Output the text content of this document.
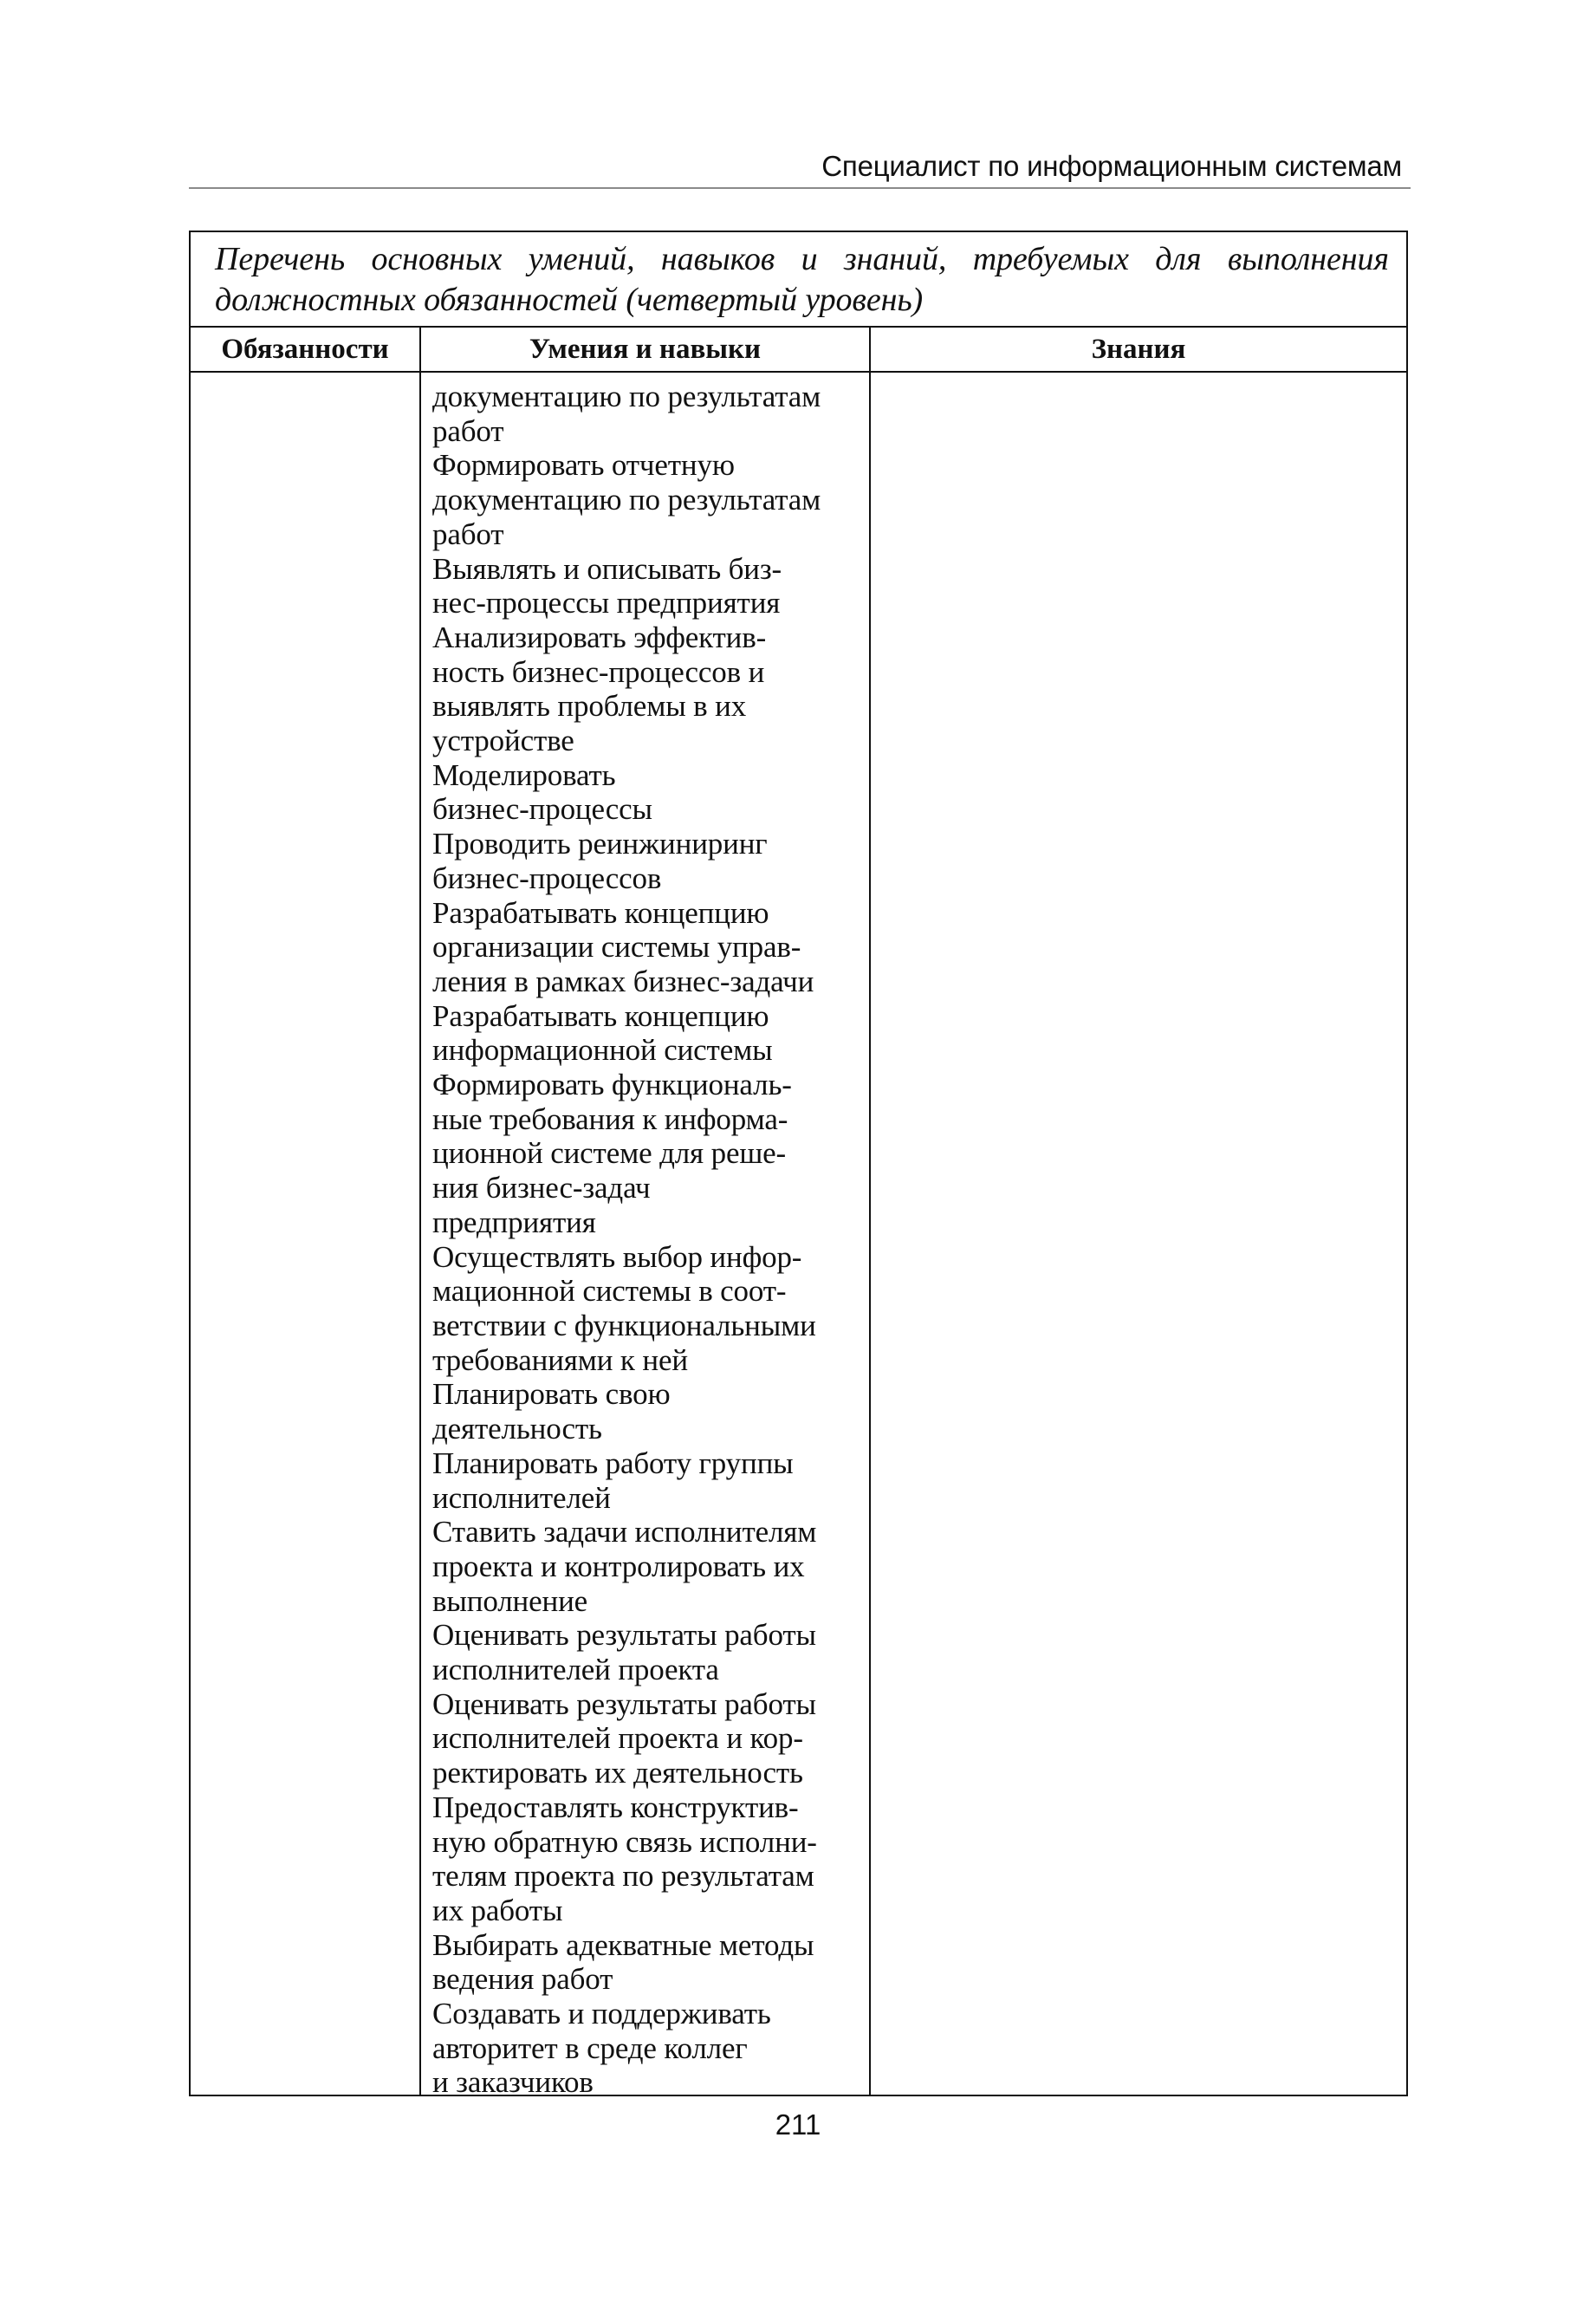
Специалист по информационным системам
Перечень основных умений, навыков и знаний, требуемых для выполнения должностных обязанностей (четвертый уровень)
Обязанности	Умения и навыки	Знания
документацию по результатам
работ
Формировать отчетную
документацию по результатам
работ
Выявлять и описывать биз-
нес-процессы предприятия
Анализировать эффектив-
ность бизнес-процессов и
выявлять проблемы в их
устройстве
Моделировать
бизнес-процессы
Проводить реинжиниринг
бизнес-процессов
Разрабатывать концепцию
организации системы управ-
ления в рамках бизнес-задачи
Разрабатывать концепцию
информационной системы
Формировать функциональ-
ные требования к информа-
ционной системе для реше-
ния бизнес-задач
предприятия
Осуществлять выбор инфор-
мационной системы в соот-
ветствии с функциональными
требованиями к ней
Планировать свою
деятельность
Планировать работу группы
исполнителей
Ставить задачи исполнителям
проекта и контролировать их
выполнение
Оценивать результаты работы
исполнителей проекта
Оценивать результаты работы
исполнителей проекта и кор-
ректировать их деятельность
Предоставлять конструктив-
ную обратную связь исполни-
телям проекта по результатам
их работы
Выбирать адекватные методы
ведения работ
Создавать и поддерживать
авторитет в среде коллег
и заказчиков
211
